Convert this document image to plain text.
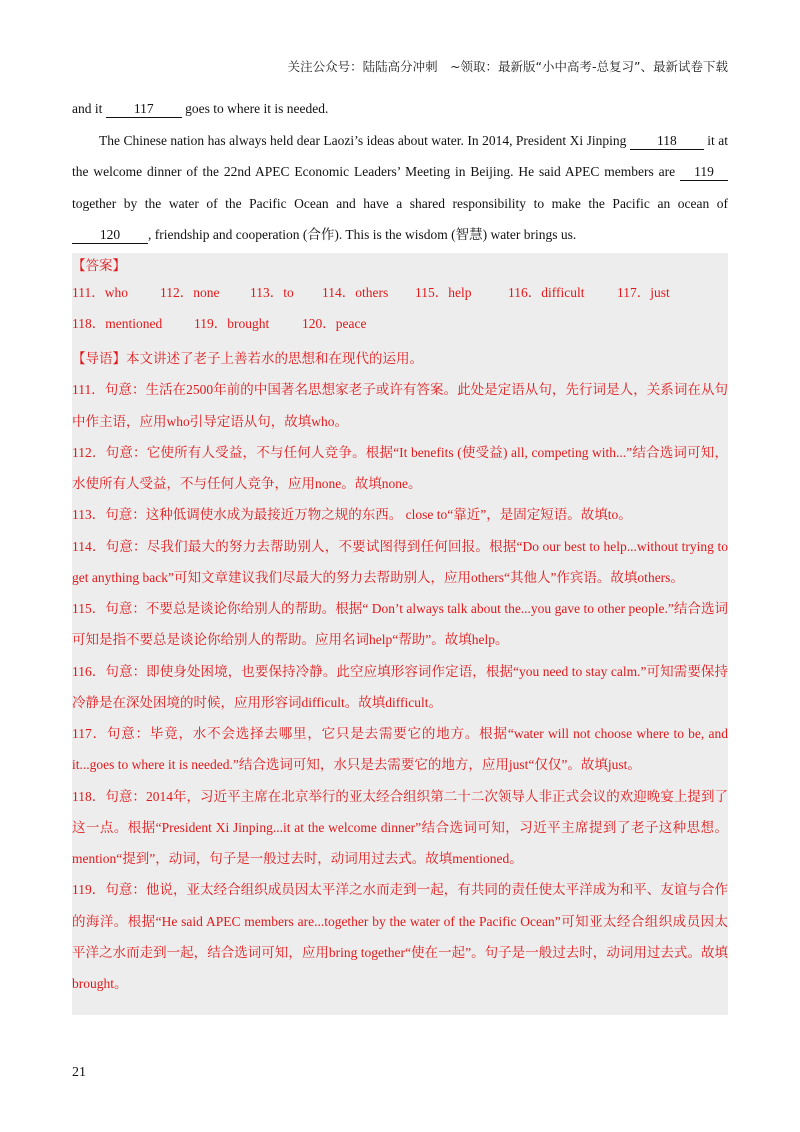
关注公众号：陆陆高分冲刺　~领取：最新版“小中高考-总复习”、最新试卷下载

and it 117 goes to where it is needed.

The Chinese nation has always held dear Laozi’s ideas about water. In 2014, President Xi Jinping 118 it at the welcome dinner of the 22nd APEC Economic Leaders’ Meeting in Beijing. He said APEC members are 119 together by the water of the Pacific Ocean and have a shared responsibility to make the Pacific an ocean of 120 , friendship and cooperation (合作). This is the wisdom (智慧) water brings us.

【答案】
111．who 112．none 113．to 114．others 115．help	116．difficult 117．just
118．mentioned 119．brought 120．peace

【导语】本文讲述了老子上善若水的思想和在现代的运用。

111．句意：生活在2500年前的中国著名思想家老子或许有答案。此处是定语从句，先行词是人，关系词在从句中作主语，应用who引导定语从句，故填who。

112．句意：它使所有人受益，不与任何人竞争。根据“It benefits (使受益) all, competing with...”结合选词可知，水使所有人受益，不与任何人竞争，应用none。故填none。

113．句意：这种低调使水成为最接近万物之规的东西。 close to“靠近”，是固定短语。故填to。

114．句意：尽我们最大的努力去帮助别人，不要试图得到任何回报。根据“Do our best to help...without trying to get anything back”可知文章建议我们尽最大的努力去帮助别人，应用others“其他人”作宾语。故填others。

115．句意：不要总是谈论你给别人的帮助。根据“ Don’t always talk about the...you gave to other people.”结合选词可知是指不要总是谈论你给别人的帮助。应用名词help“帮助”。故填help。

116．句意：即使身处困境，也要保持冷静。此空应填形容词作定语，根据“you need to stay calm.”可知需要保持冷静是在深处困境的时候，应用形容词difficult。故填difficult。

117．句意：毕竟，水不会选择去哪里，它只是去需要它的地方。根据“water will not choose where to be, and it...goes to where it is needed.”结合选词可知，水只是去需要它的地方，应用just“仅仅”。故填just。

118．句意：2014年，习近平主席在北京举行的亚太经合组织第二十二次领导人非正式会议的欢迎晚宴上提到了这一点。根据“President Xi Jinping...it at the welcome dinner”结合选词可知，习近平主席提到了老子这种思想。mention“提到”，动词，句子是一般过去时，动词用过去式。故填mentioned。

119．句意：他说，亚太经合组织成员因太平洋之水而走到一起，有共同的责任使太平洋成为和平、友谊与合作的海洋。根据“He said APEC members are...together by the water of the Pacific Ocean”可知亚太经合组织成员因太平洋之水而走到一起，结合选词可知，应用bring together“使在一起”。句子是一般过去时，动词用过去式。故填brought。

21
